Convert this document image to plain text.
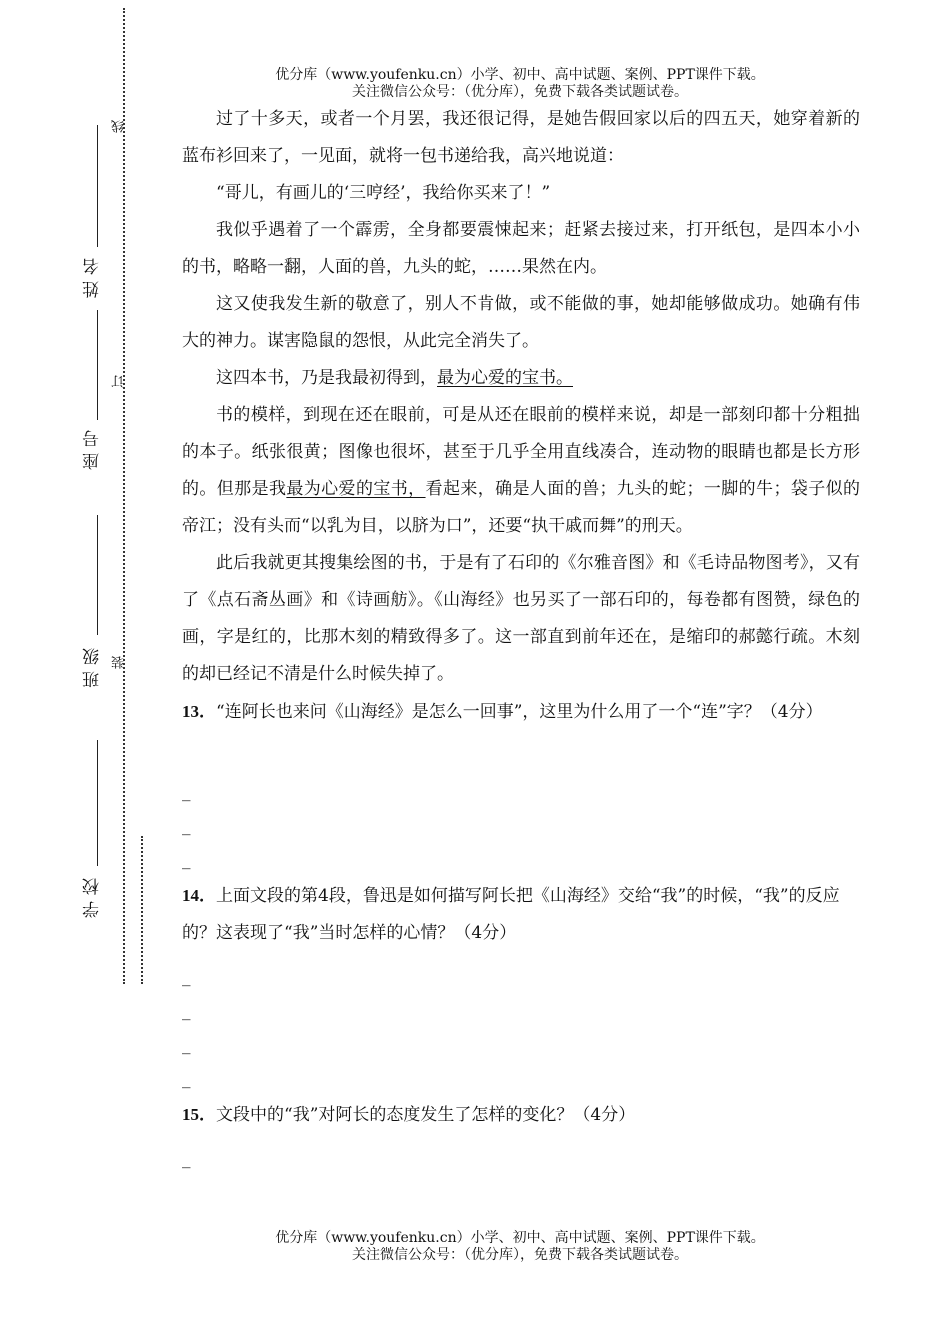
线
订
装
姓名
座号
班级
学校
优分库（www.youfenku.cn）小学、初中、高中试题、案例、PPT课件下载。
关注微信公众号：（优分库），免费下载各类试题试卷。

过了十多天，或者一个月罢，我还很记得，是她告假回家以后的四五天，她穿着新的蓝布衫回来了，一见面，就将一包书递给我，高兴地说道：

“哥儿，有画儿的‘三哼经’，我给你买来了！”

我似乎遇着了一个霹雳，全身都要震悚起来；赶紧去接过来，打开纸包，是四本小小的书，略略一翻，人面的兽，九头的蛇，……果然在内。

这又使我发生新的敬意了，别人不肯做，或不能做的事，她却能够做成功。她确有伟大的神力。谋害隐鼠的怨恨，从此完全消失了。

这四本书，乃是我最初得到，最为心爱的宝书。

书的模样，到现在还在眼前，可是从还在眼前的模样来说，却是一部刻印都十分粗拙的本子。纸张很黄；图像也很坏，甚至于几乎全用直线凑合，连动物的眼睛也都是长方形的。但那是我最为心爱的宝书，看起来，确是人面的兽；九头的蛇；一脚的牛；袋子似的帝江；没有头而“以乳为目，以脐为口”，还要“执干戚而舞”的刑天。

此后我就更其搜集绘图的书，于是有了石印的《尔雅音图》和《毛诗品物图考》，又有了《点石斋丛画》和《诗画舫》。《山海经》也另买了一部石印的，每卷都有图赞，绿色的画，字是红的，比那木刻的精致得多了。这一部直到前年还在，是缩印的郝懿行疏。木刻的却已经记不清是什么时候失掉了。

13．“连阿长也来问《山海经》是怎么一回事”，这里为什么用了一个“连”字？（4分）

_
_
_

14．上面文段的第4段，鲁迅是如何描写阿长把《山海经》交给“我”的时候，“我”的反应的？这表现了“我”当时怎样的心情？（4分）

_
_
_
_

15．文段中的“我”对阿长的态度发生了怎样的变化？（4分）

_
优分库（www.youfenku.cn）小学、初中、高中试题、案例、PPT课件下载。
关注微信公众号：（优分库），免费下载各类试题试卷。
